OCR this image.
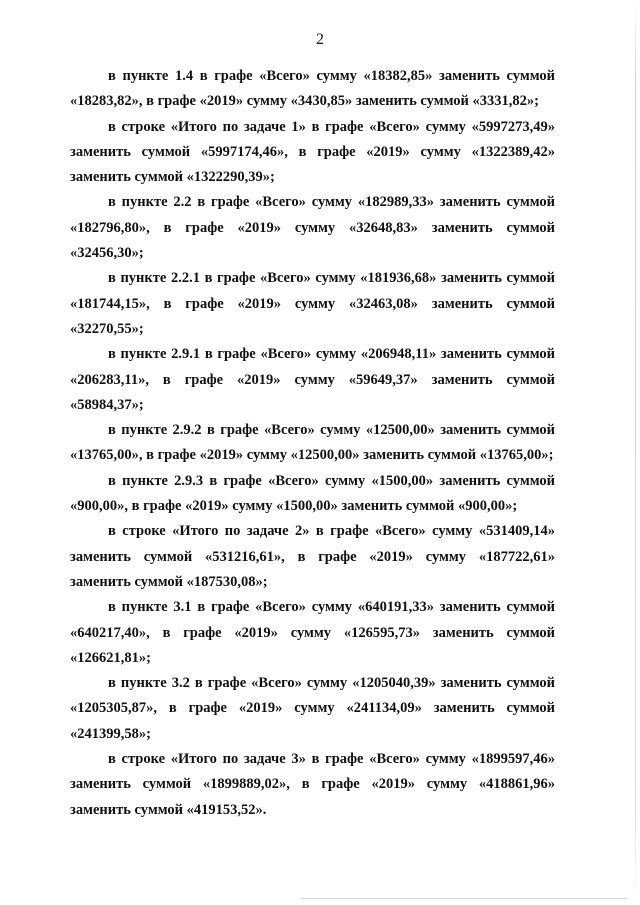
2

в пункте 1.4 в графе «Всего» сумму «18382,85» заменить суммой «18283,82», в графе «2019» сумму «3430,85» заменить суммой «3331,82»;

в строке «Итого по задаче 1» в графе «Всего» сумму «5997273,49» заменить суммой «5997174,46», в графе «2019» сумму «1322389,42» заменить суммой «1322290,39»;

в пункте 2.2 в графе «Всего» сумму «182989,33» заменить суммой «182796,80», в графе «2019» сумму «32648,83» заменить суммой «32456,30»;

в пункте 2.2.1 в графе «Всего» сумму «181936,68» заменить суммой «181744,15», в графе «2019» сумму «32463,08» заменить суммой «32270,55»;

в пункте 2.9.1 в графе «Всего» сумму «206948,11» заменить суммой «206283,11», в графе «2019» сумму «59649,37» заменить суммой «58984,37»;

в пункте 2.9.2 в графе «Всего» сумму «12500,00» заменить суммой «13765,00», в графе «2019» сумму «12500,00» заменить суммой «13765,00»;

в пункте 2.9.3 в графе «Всего» сумму «1500,00» заменить суммой «900,00», в графе «2019» сумму «1500,00» заменить суммой «900,00»;

в строке «Итого по задаче 2» в графе «Всего» сумму «531409,14» заменить суммой «531216,61», в графе «2019» сумму «187722,61» заменить суммой «187530,08»;

в пункте 3.1 в графе «Всего» сумму «640191,33» заменить суммой «640217,40», в графе «2019» сумму «126595,73» заменить суммой «126621,81»;

в пункте 3.2 в графе «Всего» сумму «1205040,39» заменить суммой «1205305,87», в графе «2019» сумму «241134,09» заменить суммой «241399,58»;

в строке «Итого по задаче 3» в графе «Всего» сумму «1899597,46» заменить суммой «1899889,02», в графе «2019» сумму «418861,96» заменить суммой «419153,52».
